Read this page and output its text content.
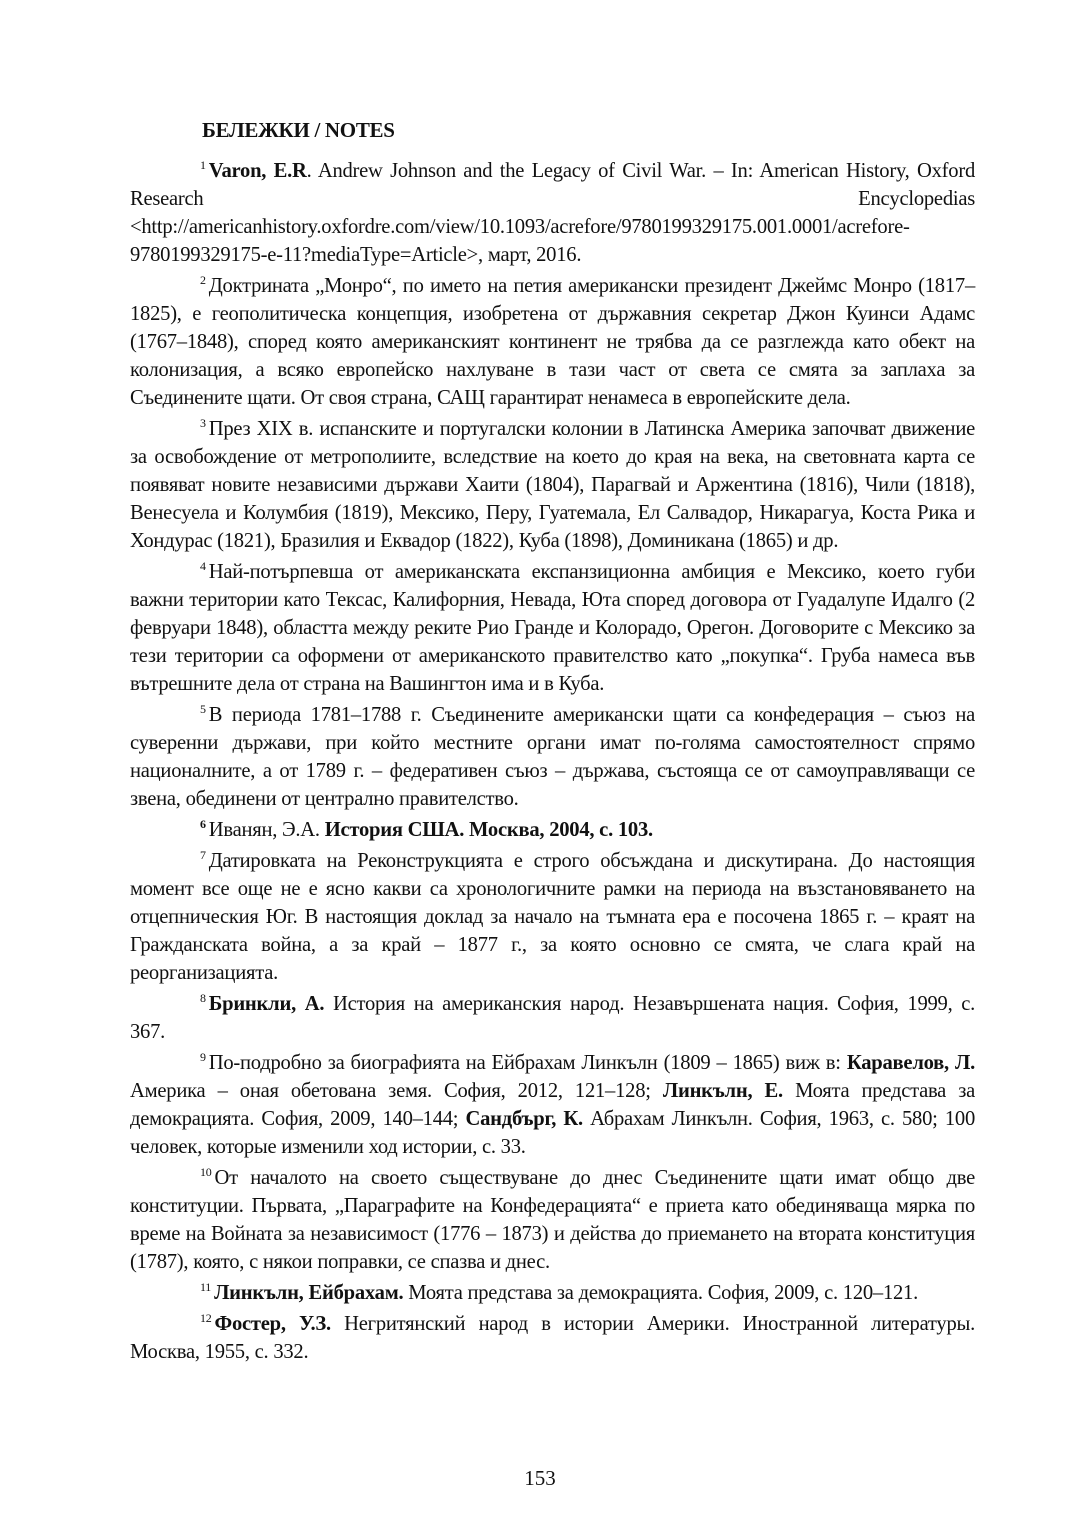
БЕЛЕЖКИ / NOTES

$^1$ Varon, E.R. Andrew Johnson and the Legacy of Civil War. – In: American History, Oxford Research Encyclopedias <http://americanhistory.oxfordre.com/view/10.1093/acrefore/9780199329175.001.0001/acrefore-9780199329175-e-11?mediaType=Article>, март, 2016.

$^2$ Доктрината „Монро“, по името на петия американски президент Джеймс Монро (1817–1825), е геополитическа концепция, изобретена от държавния секретар Джон Куинси Адамс (1767–1848), според която американският континент не трябва да се разглежда като обект на колонизация, а всяко европейско нахлуване в тази част от света се смята за заплаха за Съединените щати. От своя страна, САЩ гарантират ненамеса в европейските дела.

$^3$ През XIX в. испанските и португалски колонии в Латинска Америка започват движение за освобождение от метрополиите, вследствие на което до края на века, на световната карта се появяват новите независими държави Хаити (1804), Парагвай и Аржентина (1816), Чили (1818), Венесуела и Колумбия (1819), Мексико, Перу, Гуатемала, Ел Салвадор, Никарагуа, Коста Рика и Хондурас (1821), Бразилия и Еквадор (1822), Куба (1898), Доминикана (1865) и др.

$^4$ Най-потърпевша от американската експанзиционна амбиция е Мексико, което губи важни територии като Тексас, Калифорния, Невада, Юта според договора от Гуадалупе Идалго (2 февруари 1848), областта между реките Рио Гранде и Колорадо, Орегон. Договорите с Мексико за тези територии са оформени от американското правителство като „покупка“. Груба намеса във вътрешните дела от страна на Вашингтон има и в Куба.

$^5$ В периода 1781–1788 г. Съединените американски щати са конфедерация – съюз на суверенни държави, при който местните органи имат по-голяма самостоятелност спрямо националните, а от 1789 г. – федеративен съюз – държава, състояща се от самоуправляващи се звена, обединени от централно правителство.

$^6$ Иванян, Э.А. История США. Москва, 2004, с. 103.

$^7$ Датировката на Реконструкцията е строго обсъждана и дискутирана. До настоящия момент все още не е ясно какви са хронологичните рамки на периода на възстановяването на отцепническия Юг. В настоящия доклад за начало на тъмната ера е посочена 1865 г. – краят на Гражданската война, а за край – 1877 г., за която основно се смята, че слага край на реорганизацията.

$^8$ Бринкли, А. История на американския народ. Незавършената нация. София, 1999, с. 367.

$^9$ По-подробно за биографията на Ейбрахам Линкълн (1809 – 1865) виж в: Каравелов, Л. Америка – оная обетована земя. София, 2012, 121–128; Линкълн, Е. Моята представа за демокрацията. София, 2009, 140–144; Сандбърг, К. Абрахам Линкълн. София, 1963, с. 580; 100 человек, которые изменили ход истории, с. 33.

$^{10}$ От началото на своето съществуване до днес Съединените щати имат общо две конституции. Първата, „Параграфите на Конфедерацията“ е приета като обединяваща мярка по време на Войната за независимост (1776 – 1873) и действа до приемането на втората конституция (1787), която, с някои поправки, се спазва и днес.

$^{11}$ Линкълн, Ейбрахам. Моята представа за демокрацията. София, 2009, с. 120–121.

$^{12}$ Фостер, У.З. Негритянский народ в истории Америки. Иностранной литературы. Москва, 1955, с. 332.

153
